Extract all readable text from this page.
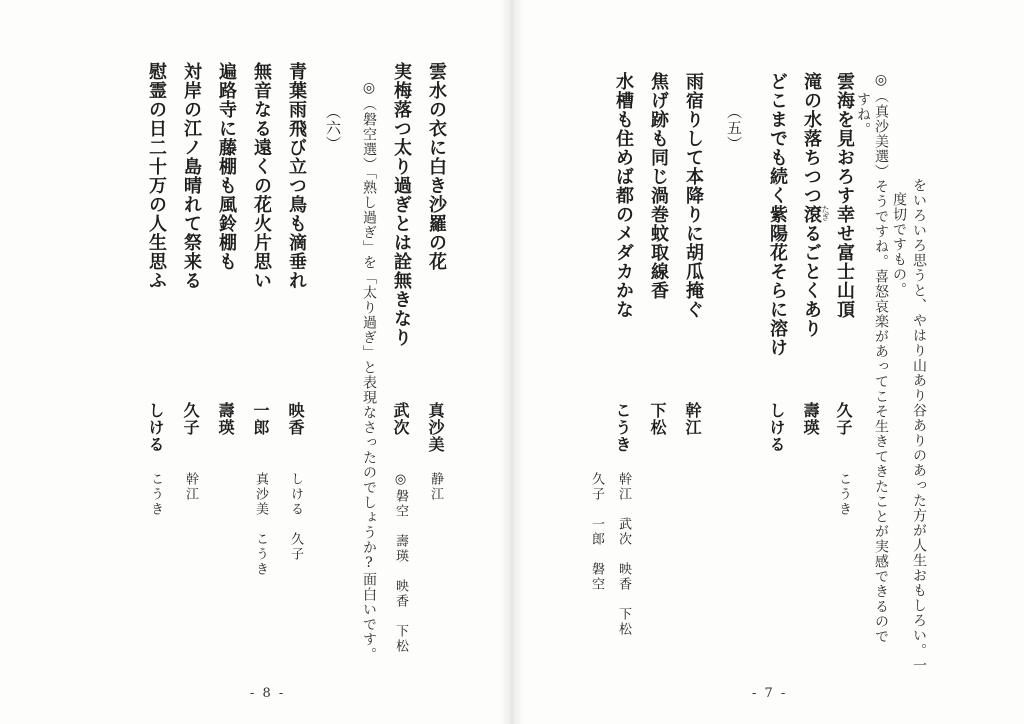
をいろいろ思うと、やはり山あり谷ありのあった方が人生おもしろい。一
度切ですもの。
◎（真沙美選）そうですね。喜怒哀楽があってこそ生きてきたことが実感できるので
すね。
雲海を見おろす幸せ富士山頂
久子
こうき
滝の水落ちつつ滾 たぎ
るごとくあり
壽瑛
どこまでも続く紫陽花そらに溶け
しける
（五）
雨宿りして本降りに胡瓜掩ぐ
幹江
焦げ跡も同じ渦巻蚊取線香
下松
水槽も住めば都のメダカかな
こうき
幹江　武次　映香　下松
久子　一郎　磐空
- 7 -
雲水の衣に白き沙羅の花
真沙美
静江
実梅落つ太り過ぎとは詮無きなり
武次
◎磐空　壽瑛　映香　下松
◎（磐空選）「熟し過ぎ」を「太り過ぎ」と表現なさったのでしょうか?面白いです。
（六）
青葉雨飛び立つ鳥も滴垂れ
映香
しける　久子
無音なる遠くの花火片思い
一郎
真沙美　こうき
遍路寺に藤棚も風鈴棚も
壽瑛
対岸の江ノ島晴れて祭来る
久子
幹江
慰霊の日二十万の人生思ふ
しける
こうき
- 8 -
